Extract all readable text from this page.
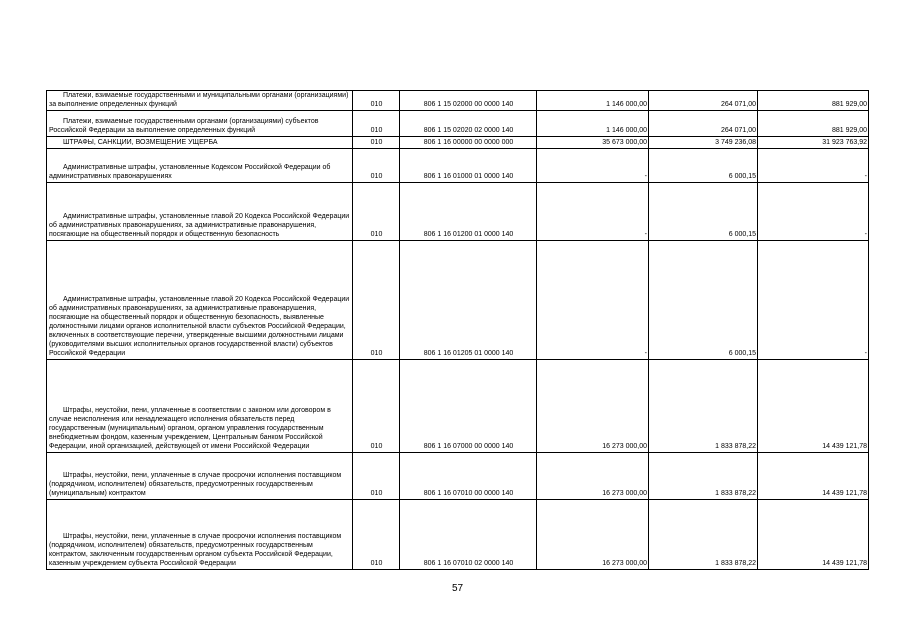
Платежи, взимаемые государственными и муниципальными органами (организациями) за выполнение определенных функций	010	806 1 15 02000 00 0000 140	1 146 000,00	264 071,00	881 929,00
Платежи, взимаемые государственными органами (организациями) субъектов Российской Федерации за выполнение определенных функций	010	806 1 15 02020 02 0000 140	1 146 000,00	264 071,00	881 929,00
ШТРАФЫ, САНКЦИИ, ВОЗМЕЩЕНИЕ УЩЕРБА	010	806 1 16 00000 00 0000 000	35 673 000,00	3 749 236,08	31 923 763,92
Административные штрафы, установленные Кодексом Российской Федерации об административных правонарушениях	010	806 1 16 01000 01 0000 140	-	6 000,15	-
Административные штрафы, установленные главой 20 Кодекса Российской Федерации об административных правонарушениях, за административные правонарушения, посягающие на общественный порядок и общественную безопасность	010	806 1 16 01200 01 0000 140	-	6 000,15	-
Административные штрафы, установленные главой 20 Кодекса Российской Федерации об административных правонарушениях, за административные правонарушения, посягающие на общественный порядок и общественную безопасность, выявленные должностными лицами органов исполнительной власти субъектов Российской Федерации, включенных в соответствующие перечни, утвержденные высшими должностными лицами (руководителями высших исполнительных органов государственной власти) субъектов Российской Федерации	010	806 1 16 01205 01 0000 140	-	6 000,15	-
Штрафы, неустойки, пени, уплаченные в соответствии с законом или договором в случае неисполнения или ненадлежащего исполнения обязательств перед государственным (муниципальным) органом, органом управления государственным внебюджетным фондом, казенным учреждением, Центральным банком Российской Федерации, иной организацией, действующей от имени Российской Федерации	010	806 1 16 07000 00 0000 140	16 273 000,00	1 833 878,22	14 439 121,78
Штрафы, неустойки, пени, уплаченные в случае просрочки исполнения поставщиком (подрядчиком, исполнителем) обязательств, предусмотренных государственным (муниципальным) контрактом	010	806 1 16 07010 00 0000 140	16 273 000,00	1 833 878,22	14 439 121,78
Штрафы, неустойки, пени, уплаченные в случае просрочки исполнения поставщиком (подрядчиком, исполнителем) обязательств, предусмотренных государственным контрактом, заключенным государственным органом субъекта Российской Федерации, казенным учреждением субъекта Российской Федерации	010	806 1 16 07010 02 0000 140	16 273 000,00	1 833 878,22	14 439 121,78
57
